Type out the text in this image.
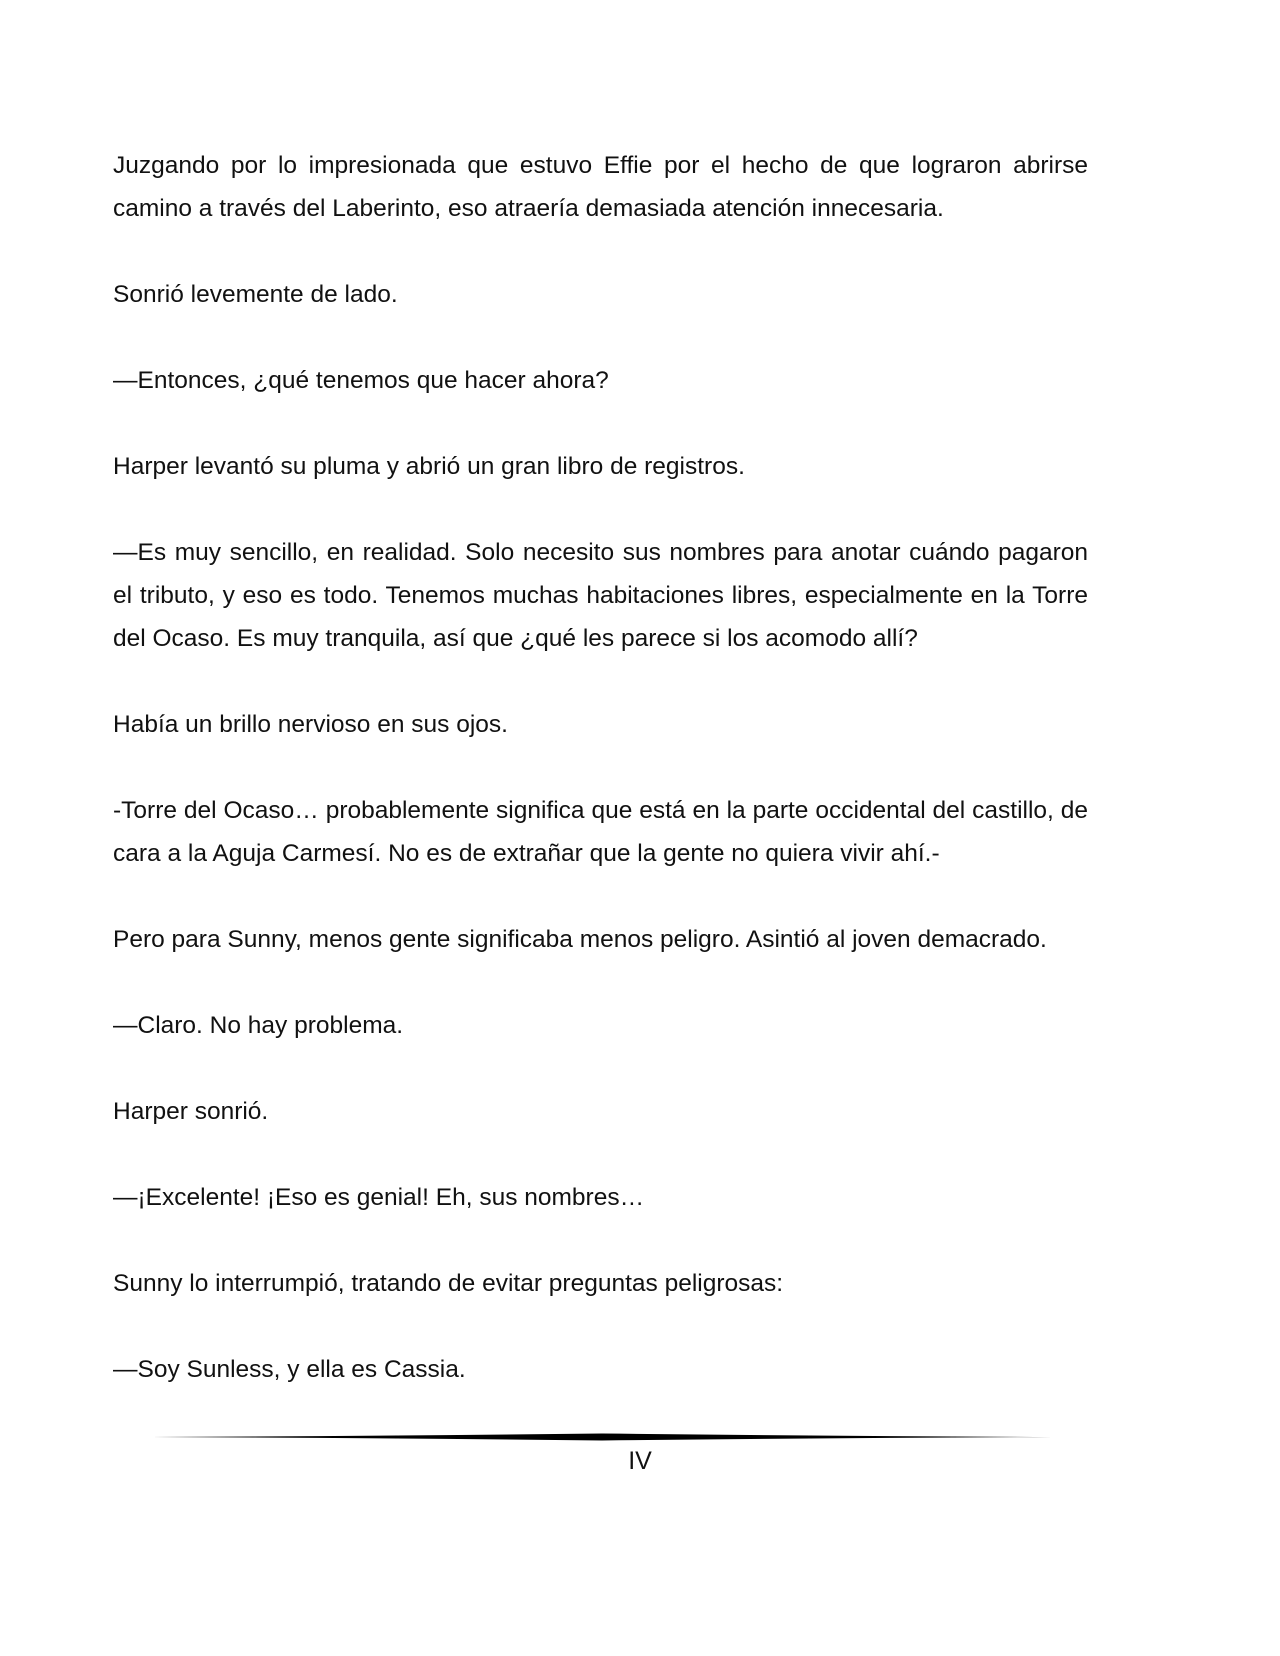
Juzgando por lo impresionada que estuvo Effie por el hecho de que lograron abrirse camino a través del Laberinto, eso atraería demasiada atención innecesaria.

Sonrió levemente de lado.

—Entonces, ¿qué tenemos que hacer ahora?

Harper levantó su pluma y abrió un gran libro de registros.

—Es muy sencillo, en realidad. Solo necesito sus nombres para anotar cuándo pagaron el tributo, y eso es todo. Tenemos muchas habitaciones libres, especialmente en la Torre del Ocaso. Es muy tranquila, así que ¿qué les parece si los acomodo allí?

Había un brillo nervioso en sus ojos.

-Torre del Ocaso… probablemente significa que está en la parte occidental del castillo, de cara a la Aguja Carmesí. No es de extrañar que la gente no quiera vivir ahí.-

Pero para Sunny, menos gente significaba menos peligro. Asintió al joven demacrado.

—Claro. No hay problema.

Harper sonrió.

—¡Excelente! ¡Eso es genial! Eh, sus nombres…

Sunny lo interrumpió, tratando de evitar preguntas peligrosas:

—Soy Sunless, y ella es Cassia.

IV
